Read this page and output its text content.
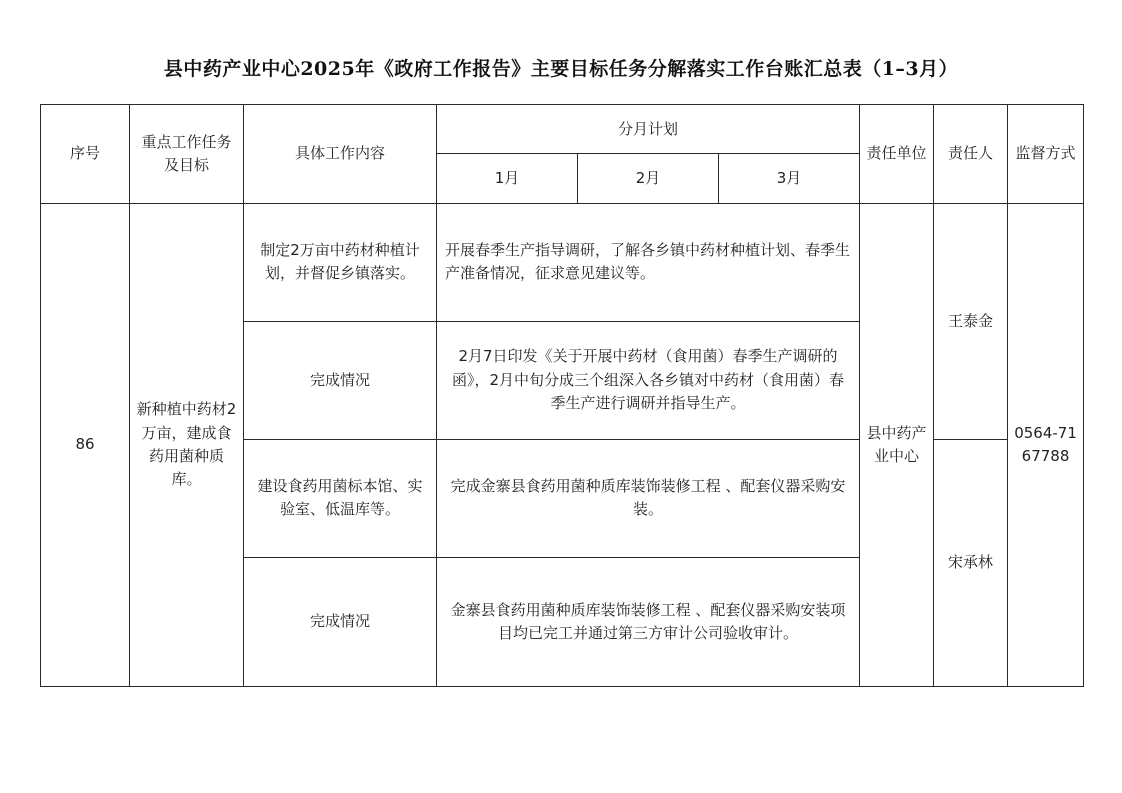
县中药产业中心2025年《政府工作报告》主要目标任务分解落实工作台账汇总表（1–3月）
序号	重点工作任务及目标	具体工作内容	分月计划			责任单位	责任人	监督方式
			1月	2月	3月			
86	新种植中药材2万亩，建成食药用菌种质库。	制定2万亩中药材种植计划，并督促乡镇落实。	开展春季生产指导调研，了解各乡镇中药材种植计划、春季生产准备情况，征求意见建议等。			县中药产业中心	王泰金	0564-7167788
		完成情况	2月7日印发《关于开展中药材（食用菌）春季生产调研的函》，2月中旬分成三个组深入各乡镇对中药材（食用菌）春季生产进行调研并指导生产。					
		建设食药用菌标本馆、实验室、低温库等。	完成金寨县食药用菌种质库装饰装修工程 、配套仪器采购安装。				宋承林	
		完成情况	金寨县食药用菌种质库装饰装修工程 、配套仪器采购安装项目均已完工并通过第三方审计公司验收审计。					
